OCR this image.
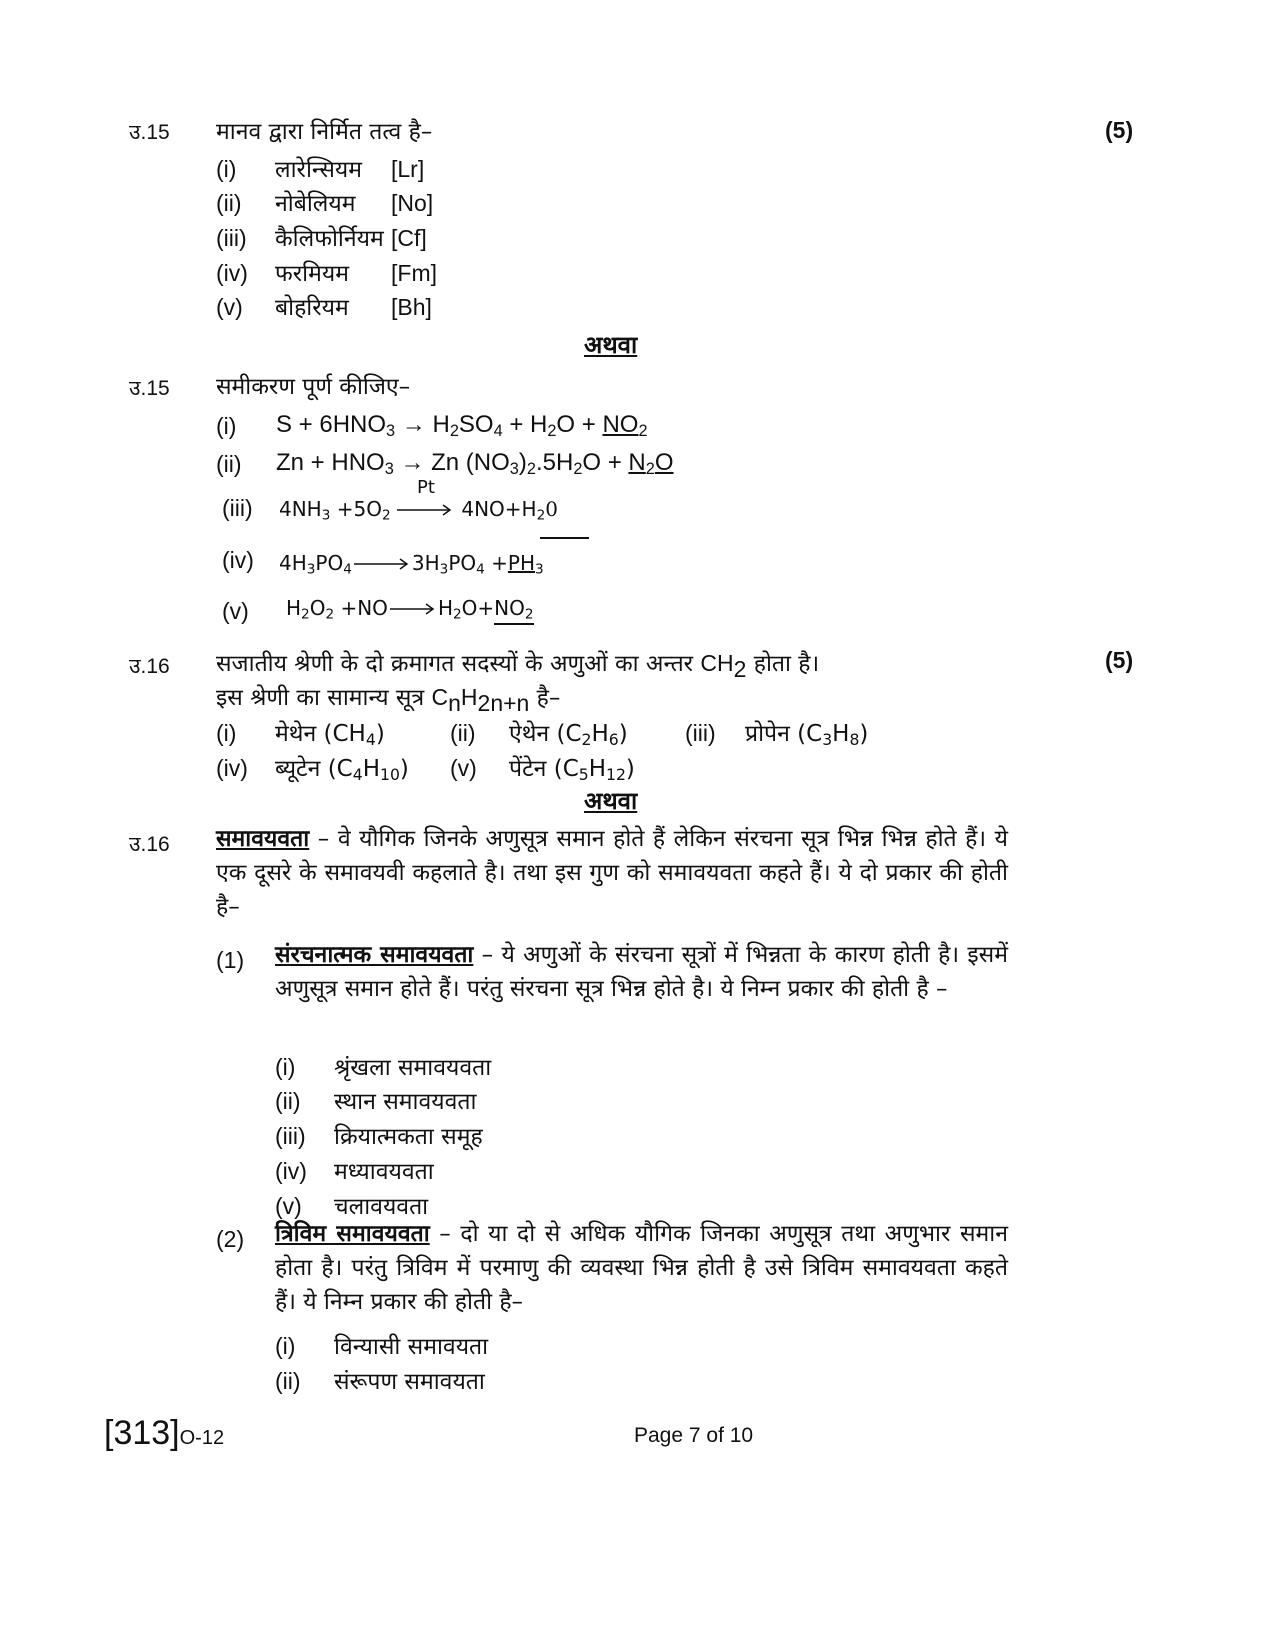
उ.15 मानव द्वारा निर्मित तत्व है–	(5)
(i) लारेन्सियम [Lr]
(ii) नोबेलियम [No]
(iii) कैलिफोर्नियम [Cf]
(iv) फरमियम [Fm]
(v) बोहरियम [Bh]
अथवा
उ.15 समीकरण पूर्ण कीजिए–
(i) $S + 6HNO_3 \to H_2SO_4 + H_2O + NO_2$
(ii) $Zn + HNO_3 \to Zn$ $(NO_3)_2.5H_2O + N_2O$
(iii) $4NH_3 +5O_2$
Pt
$4NO+H_20$
(iv) $4H_3PO_4$	$3H_3PO_4 +PH_3$
(v) $H_2O_2 +NO$	$H_2O+NO_2$
उ.16 सजातीय श्रेणी के दो क्रमागत सदस्यों के अणुओं का अन्तर $CH_2$ होता है।	(5)
इस श्रेणी का सामान्य सूत्र $C_nH_{2n+n}$ है–
(i) मेथेन $(CH_4)$	(ii) ऐथेन $(C_2H_6)$ (iii) प्रोपेन $(C_3H_8)$
(iv) ब्यूटेन $(C_4H_{10})$ (v) पेंटेन $(C_5H_{12})$
अथवा
उ.16 समावयवता – वे यौगिक जिनके अणुसूत्र समान होते हैं लेकिन संरचना सूत्र भिन्न भिन्न होते हैं। ये एक दूसरे के समावयवी कहलाते है। तथा इस गुण को समावयवता कहते हैं। ये दो प्रकार की होती है–
(1) संरचनात्मक समावयवता – ये अणुओं के संरचना सूत्रों में भिन्नता के कारण होती है। इसमें अणुसूत्र समान होते हैं। परंतु संरचना सूत्र भिन्न होते है। ये निम्न प्रकार की होती है –
(i) श्रृंखला समावयवता
(ii) स्थान समावयवता
(iii) क्रियात्मकता समूह
(iv) मध्यावयवता
(v) चलावयवता
(2) त्रिविम समावयवता – दो या दो से अधिक यौगिक जिनका अणुसूत्र तथा अणुभार समान होता है। परंतु त्रिविम में परमाणु की व्यवस्था भिन्न होती है उसे त्रिविम समावयवता कहते हैं। ये निम्न प्रकार की होती है–
(i) विन्यासी समावयता
(ii) संरूपण समावयता
[313]O-12	Page 7 of 10
